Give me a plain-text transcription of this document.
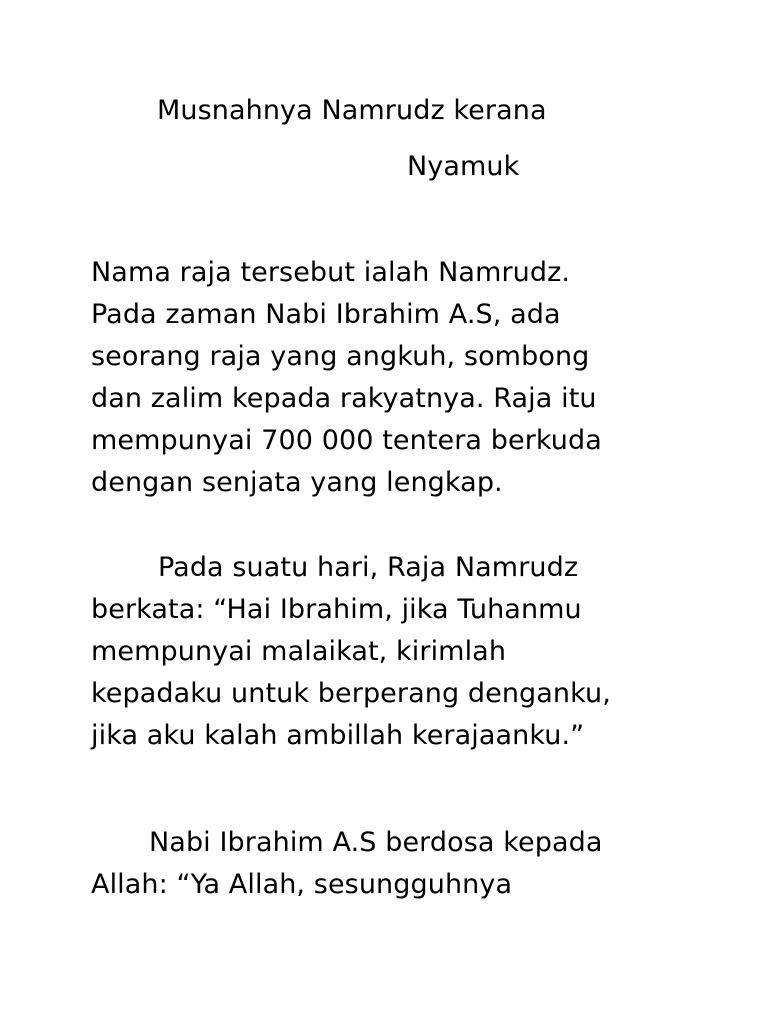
Musnahnya Namrudz kerana
Nyamuk
Nama raja tersebut ialah Namrudz.
Pada zaman Nabi Ibrahim A.S, ada
seorang raja yang angkuh, sombong
dan zalim kepada rakyatnya. Raja itu
mempunyai 700 000 tentera berkuda
dengan senjata yang lengkap.
Pada suatu hari, Raja Namrudz
berkata: “Hai Ibrahim, jika Tuhanmu
mempunyai malaikat, kirimlah
kepadaku untuk berperang denganku,
jika aku kalah ambillah kerajaanku.”
Nabi Ibrahim A.S berdosa kepada
Allah: “Ya Allah, sesungguhnya
